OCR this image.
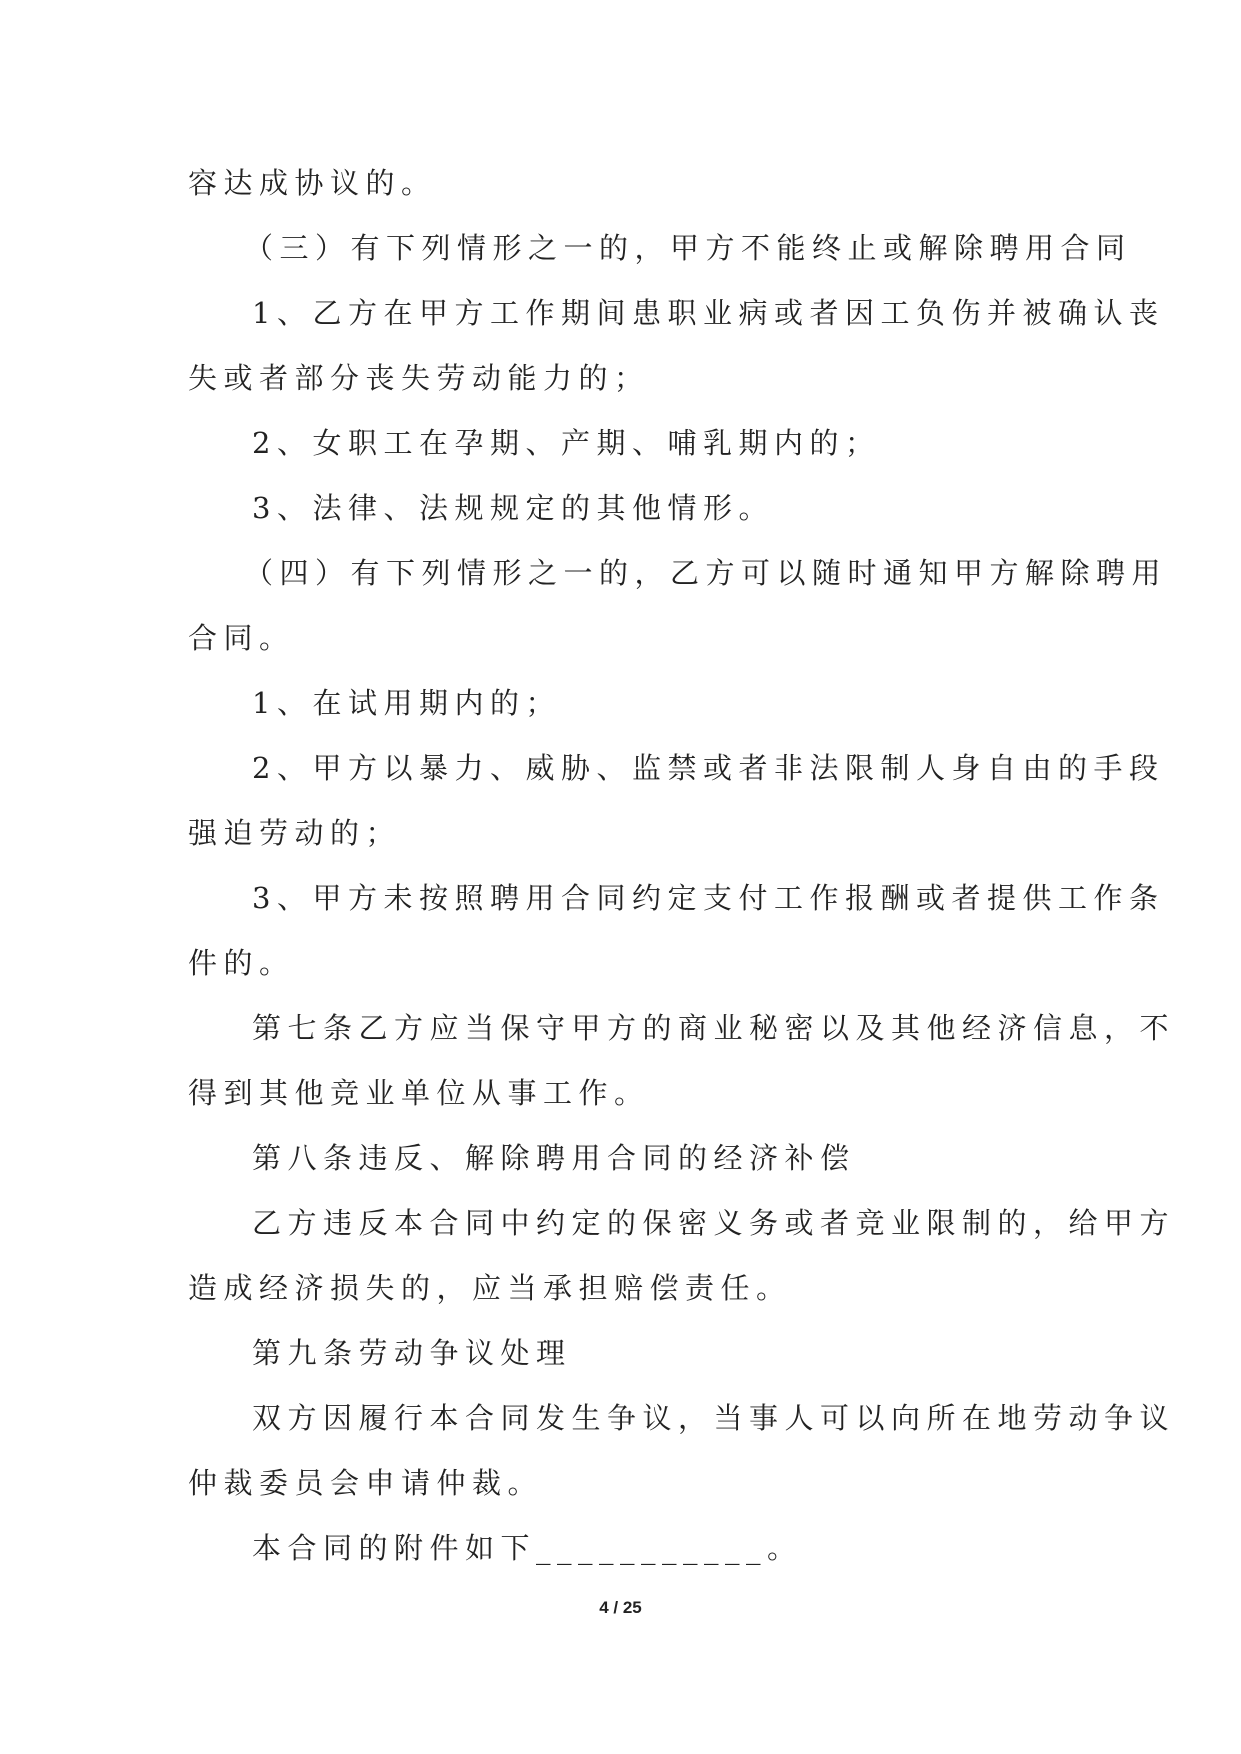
容达成协议的。
（三）有下列情形之一的，甲方不能终止或解除聘用合同
1、乙方在甲方工作期间患职业病或者因工负伤并被确认丧
失或者部分丧失劳动能力的；
2、女职工在孕期、产期、哺乳期内的；
3、法律、法规规定的其他情形。
（四）有下列情形之一的，乙方可以随时通知甲方解除聘用
合同。
1、在试用期内的；
2、甲方以暴力、威胁、监禁或者非法限制人身自由的手段
强迫劳动的；
3、甲方未按照聘用合同约定支付工作报酬或者提供工作条
件的。
第七条乙方应当保守甲方的商业秘密以及其他经济信息，不
得到其他竞业单位从事工作。
第八条违反、解除聘用合同的经济补偿
乙方违反本合同中约定的保密义务或者竞业限制的，给甲方
造成经济损失的，应当承担赔偿责任。
第九条劳动争议处理
双方因履行本合同发生争议，当事人可以向所在地劳动争议
仲裁委员会申请仲裁。
本合同的附件如下___________。
4 / 25
